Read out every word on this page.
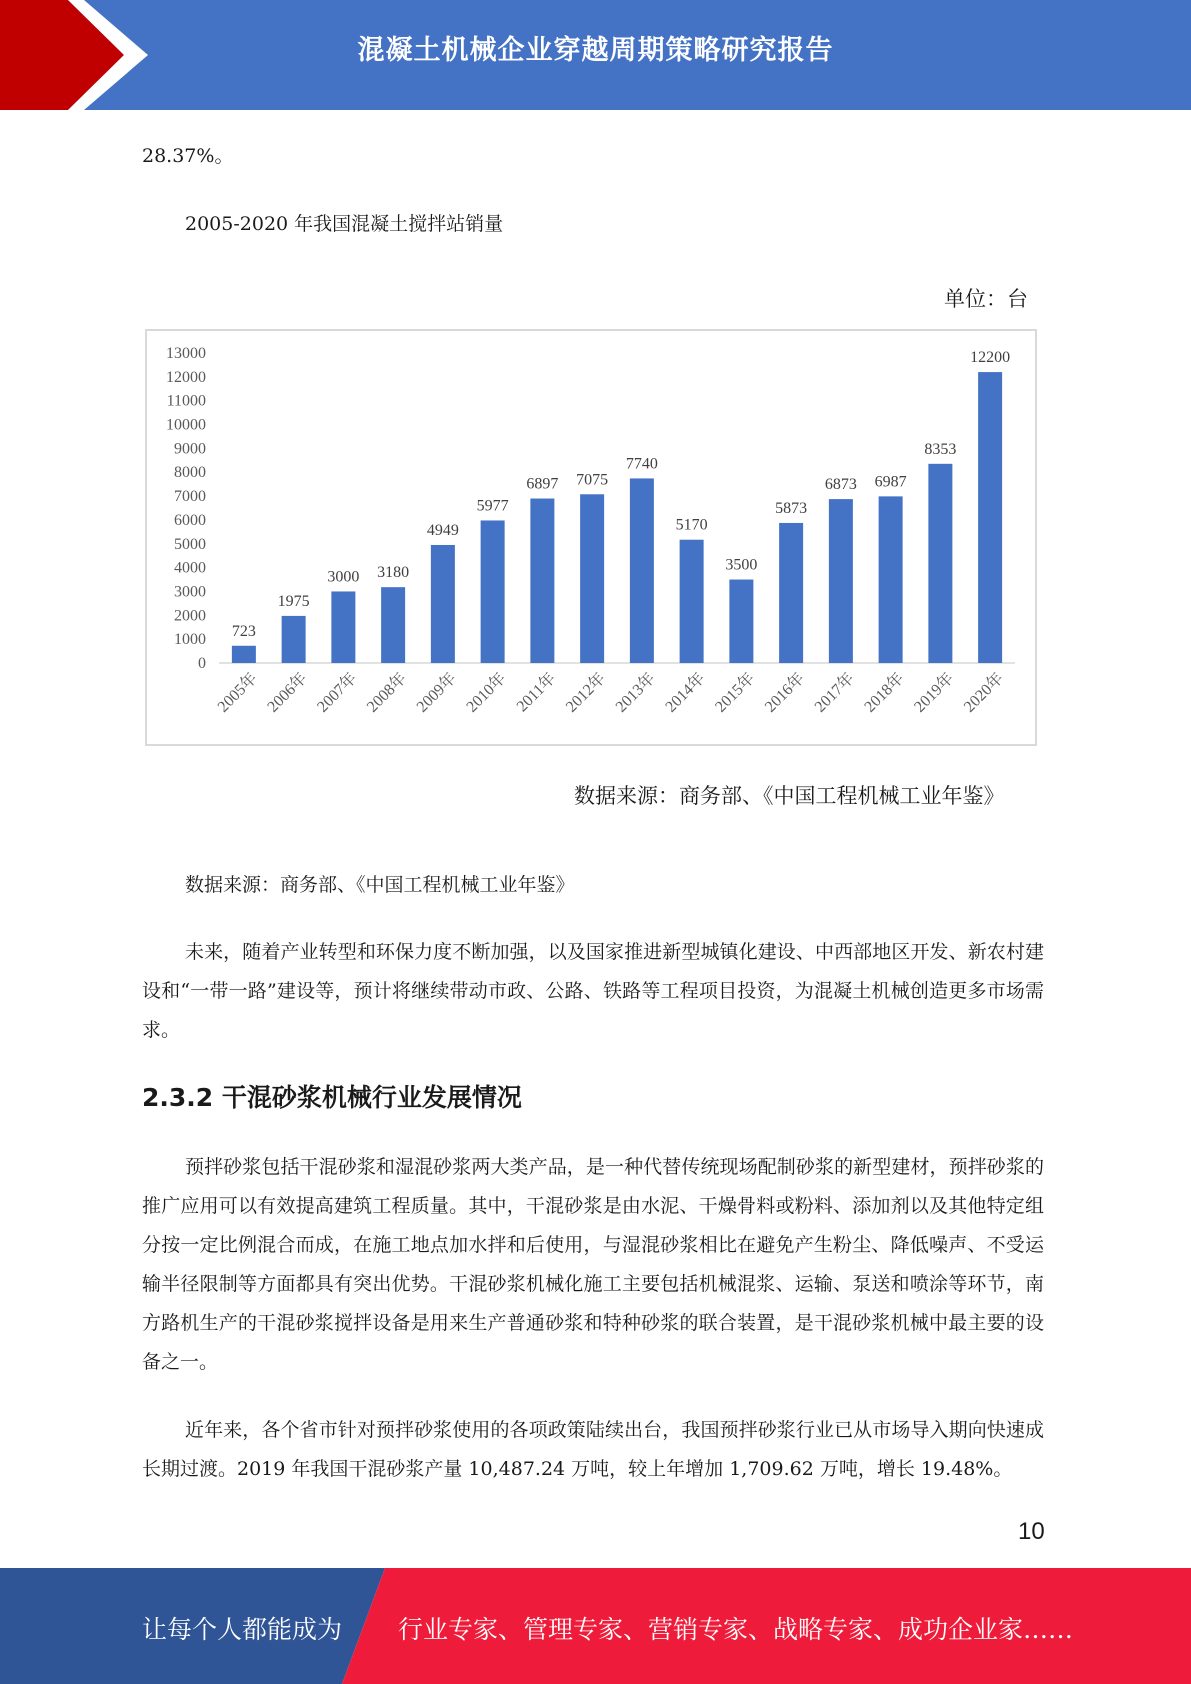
混凝土机械企业穿越周期策略研究报告

28.37%。

2005-2020 年我国混凝土搅拌站销量

单位：台
0
1000
2000
3000
4000
5000
6000
7000
8000
9000
10000
11000
12000
13000
723
2005年
1975
2006年
3000
2007年
3180
2008年
4949
2009年
5977
2010年
6897
2011年
7075
2012年
7740
2013年
5170
2014年
3500
2015年
5873
2016年
6873
2017年
6987
2018年
8353
2019年
12200
2020年
数据来源：商务部、《中国工程机械工业年鉴》

数据来源：商务部、《中国工程机械工业年鉴》

未来，随着产业转型和环保力度不断加强，以及国家推进新型城镇化建设、中西部地区开发、新农村建设和“一带一路”建设等，预计将继续带动市政、公路、铁路等工程项目投资，为混凝土机械创造更多市场需求。

2.3.2 干混砂浆机械行业发展情况

预拌砂浆包括干混砂浆和湿混砂浆两大类产品，是一种代替传统现场配制砂浆的新型建材，预拌砂浆的推广应用可以有效提高建筑工程质量。其中，干混砂浆是由水泥、干燥骨料或粉料、添加剂以及其他特定组分按一定比例混合而成，在施工地点加水拌和后使用，与湿混砂浆相比在避免产生粉尘、降低噪声、不受运输半径限制等方面都具有突出优势。干混砂浆机械化施工主要包括机械混浆、运输、泵送和喷涂等环节，南方路机生产的干混砂浆搅拌设备是用来生产普通砂浆和特种砂浆的联合装置，是干混砂浆机械中最主要的设备之一。

近年来，各个省市针对预拌砂浆使用的各项政策陆续出台，我国预拌砂浆行业已从市场导入期向快速成长期过渡。2019 年我国干混砂浆产量 10,487.24 万吨，较上年增加 1,709.62 万吨，增长 19.48%。

10
让每个人都能成为 行业专家、管理专家、营销专家、战略专家、成功企业家……
